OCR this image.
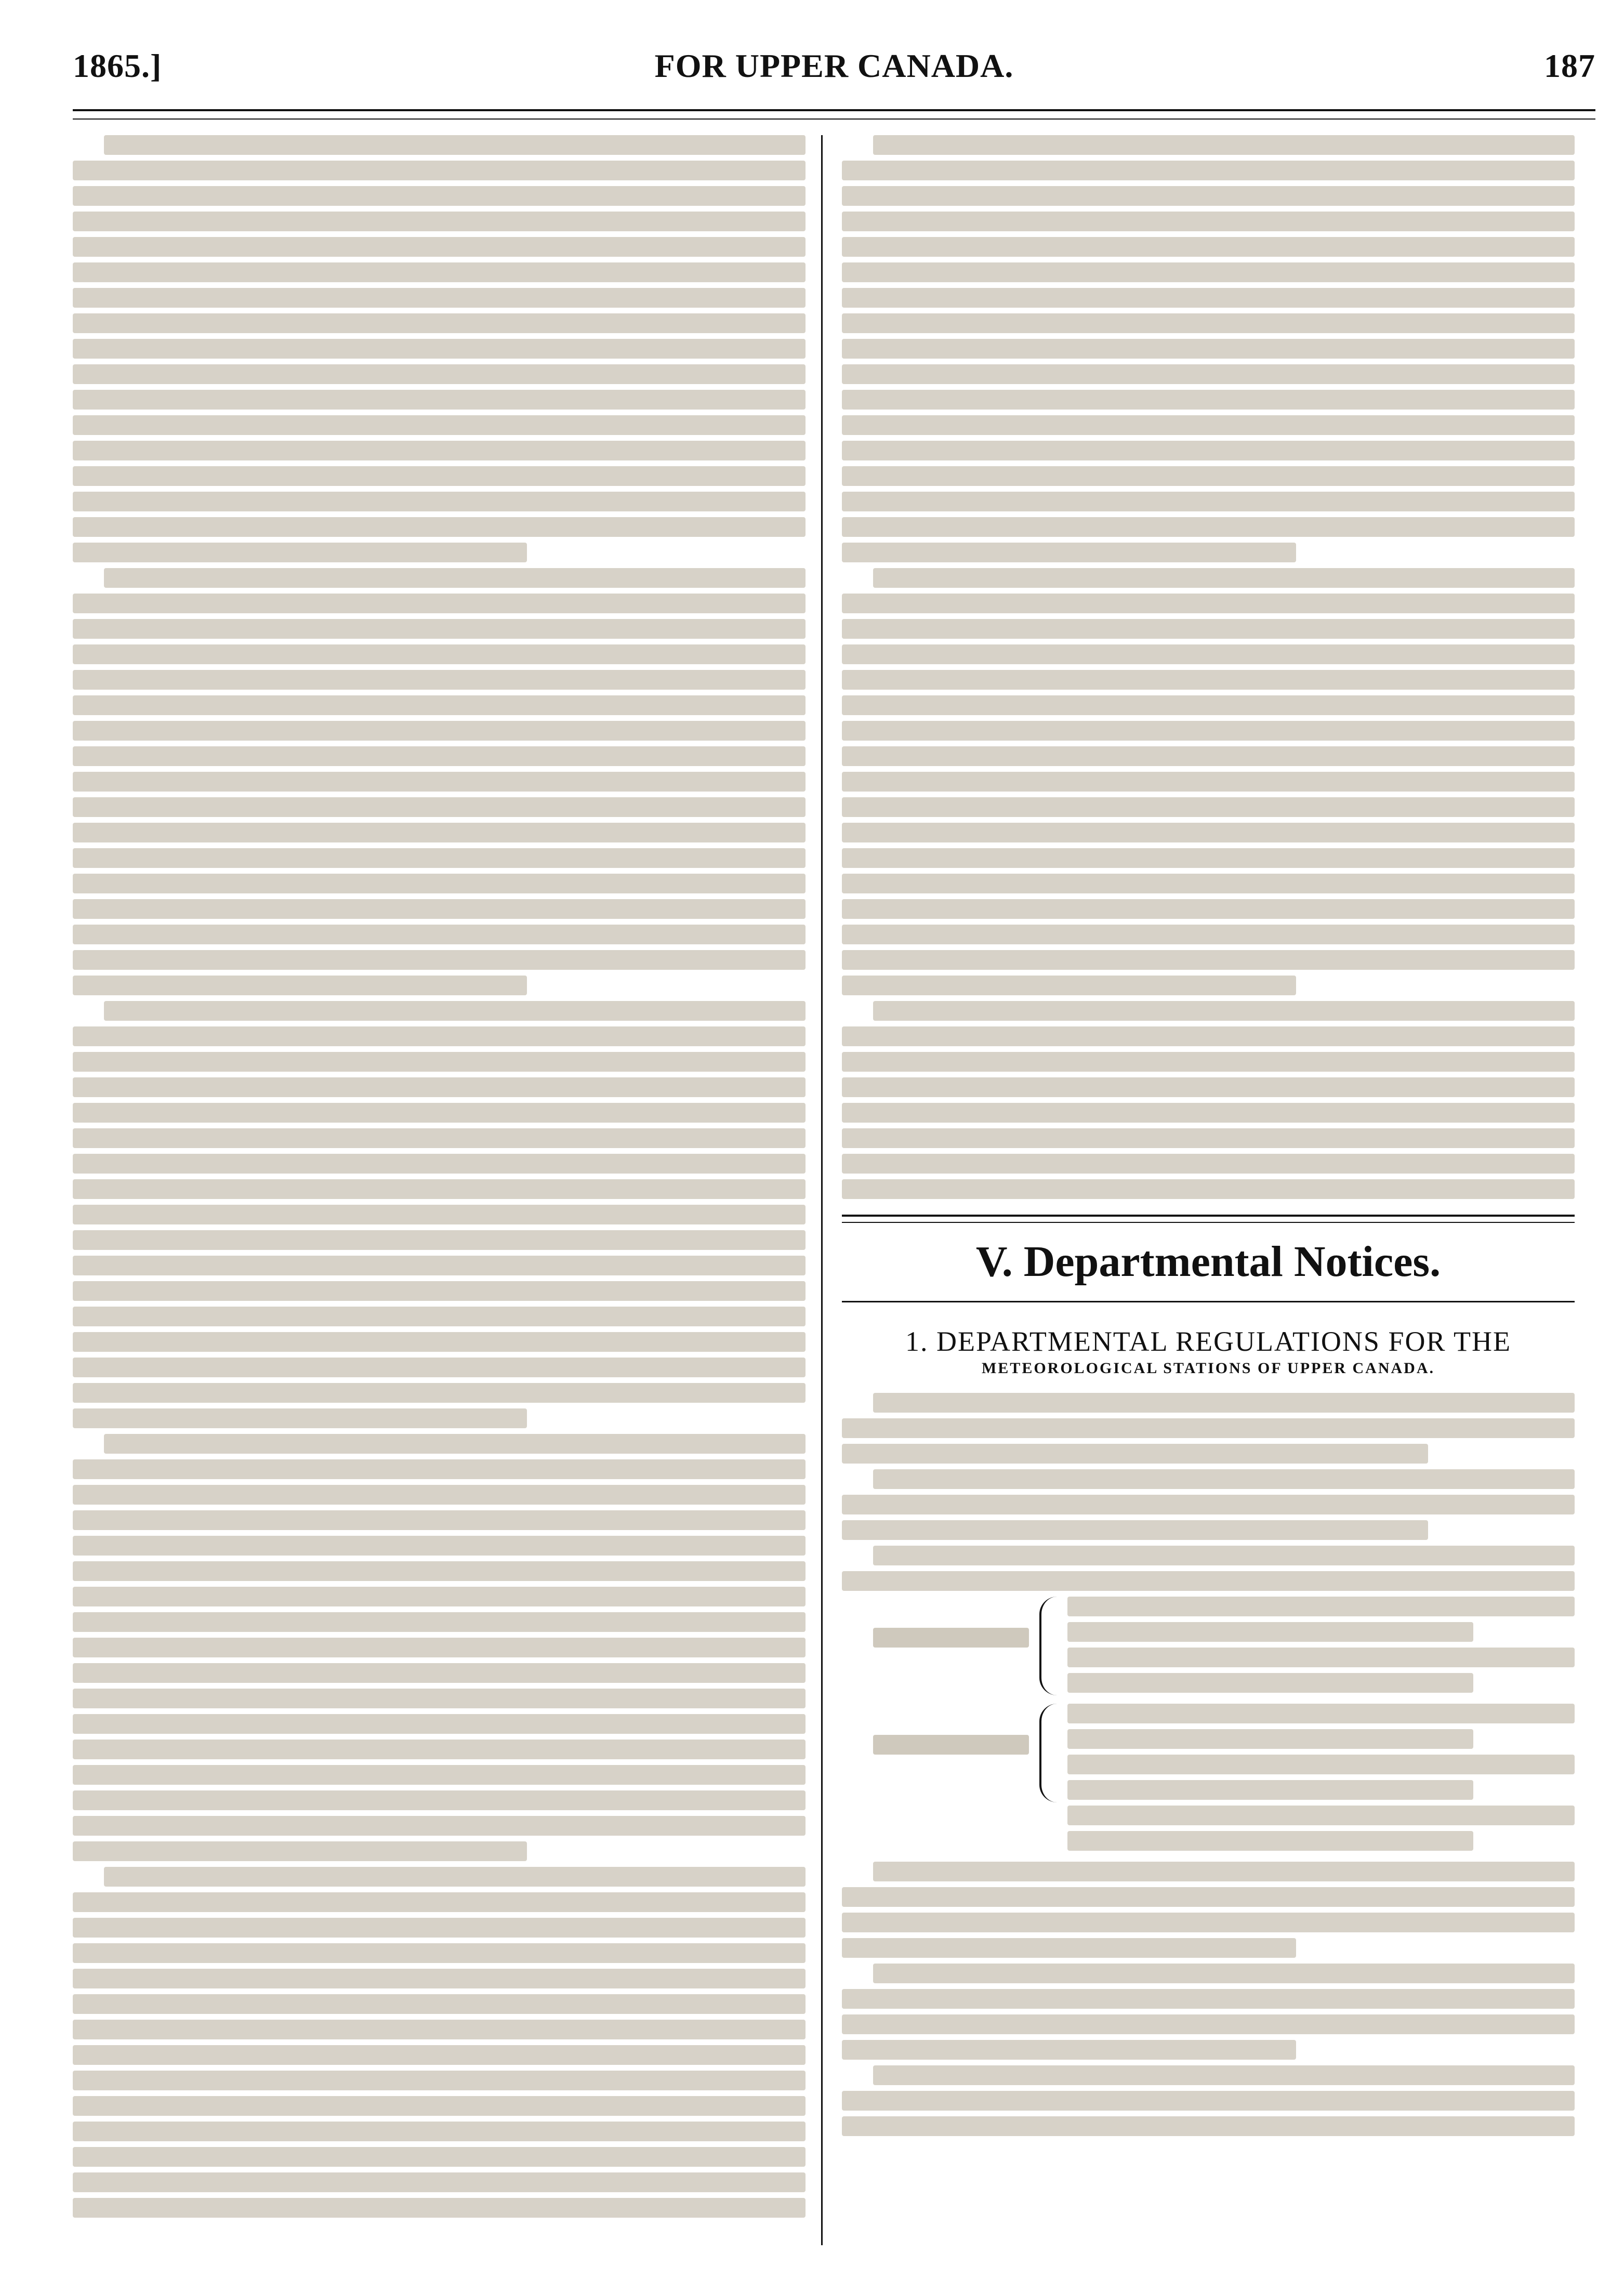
1865.]	FOR UPPER CANADA.	187
V. Departmental Notices.
1. DEPARTMENTAL REGULATIONS FOR THE
METEOROLOGICAL STATIONS OF UPPER CANADA.
